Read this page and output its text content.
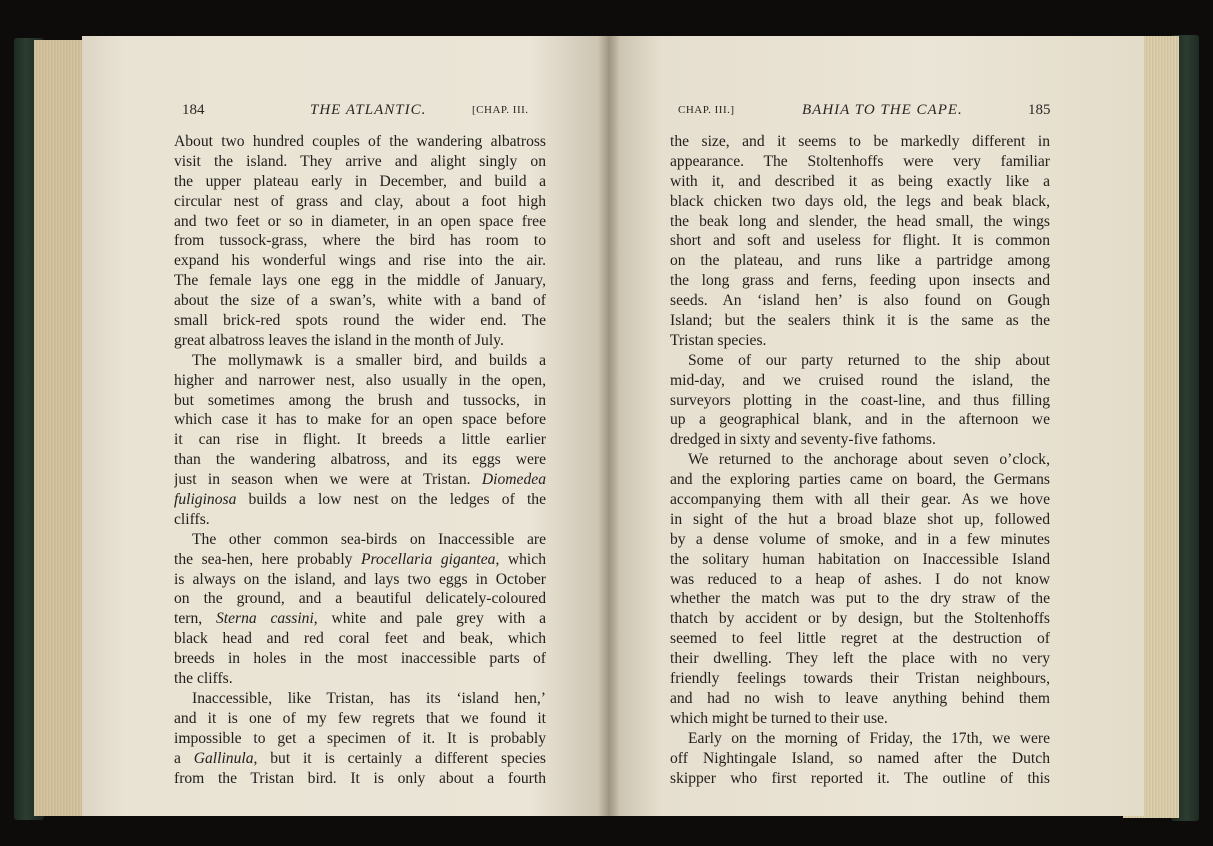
184	THE ATLANTIC.	[CHAP. III.
About two hundred couples of the wandering albatross
visit the island. They arrive and alight singly on
the upper plateau early in December, and build a
circular nest of grass and clay, about a foot high
and two feet or so in diameter, in an open space free
from tussock-grass, where the bird has room to
expand his wonderful wings and rise into the air.
The female lays one egg in the middle of January,
about the size of a swan’s, white with a band of
small brick-red spots round the wider end. The
great albatross leaves the island in the month of July.
The mollymawk is a smaller bird, and builds a
higher and narrower nest, also usually in the open,
but sometimes among the brush and tussocks, in
which case it has to make for an open space before
it can rise in flight. It breeds a little earlier
than the wandering albatross, and its eggs were
just in season when we were at Tristan. Diomedea
fuliginosa builds a low nest on the ledges of the
cliffs.
The other common sea-birds on Inaccessible are
the sea-hen, here probably Procellaria gigantea, which
is always on the island, and lays two eggs in October
on the ground, and a beautiful delicately-coloured
tern, Sterna cassini, white and pale grey with a
black head and red coral feet and beak, which
breeds in holes in the most inaccessible parts of
the cliffs.
Inaccessible, like Tristan, has its ‘island hen,’
and it is one of my few regrets that we found it
impossible to get a specimen of it. It is probably
a Gallinula, but it is certainly a different species
from the Tristan bird. It is only about a fourth
CHAP. III.]	BAHIA TO THE CAPE.	185
the size, and it seems to be markedly different in
appearance. The Stoltenhoffs were very familiar
with it, and described it as being exactly like a
black chicken two days old, the legs and beak black,
the beak long and slender, the head small, the wings
short and soft and useless for flight. It is common
on the plateau, and runs like a partridge among
the long grass and ferns, feeding upon insects and
seeds. An ‘island hen’ is also found on Gough
Island; but the sealers think it is the same as the
Tristan species.
Some of our party returned to the ship about
mid-day, and we cruised round the island, the
surveyors plotting in the coast-line, and thus filling
up a geographical blank, and in the afternoon we
dredged in sixty and seventy-five fathoms.
We returned to the anchorage about seven o’clock,
and the exploring parties came on board, the Germans
accompanying them with all their gear. As we hove
in sight of the hut a broad blaze shot up, followed
by a dense volume of smoke, and in a few minutes
the solitary human habitation on Inaccessible Island
was reduced to a heap of ashes. I do not know
whether the match was put to the dry straw of the
thatch by accident or by design, but the Stoltenhoffs
seemed to feel little regret at the destruction of
their dwelling. They left the place with no very
friendly feelings towards their Tristan neighbours,
and had no wish to leave anything behind them
which might be turned to their use.
Early on the morning of Friday, the 17th, we were
off Nightingale Island, so named after the Dutch
skipper who first reported it. The outline of this
